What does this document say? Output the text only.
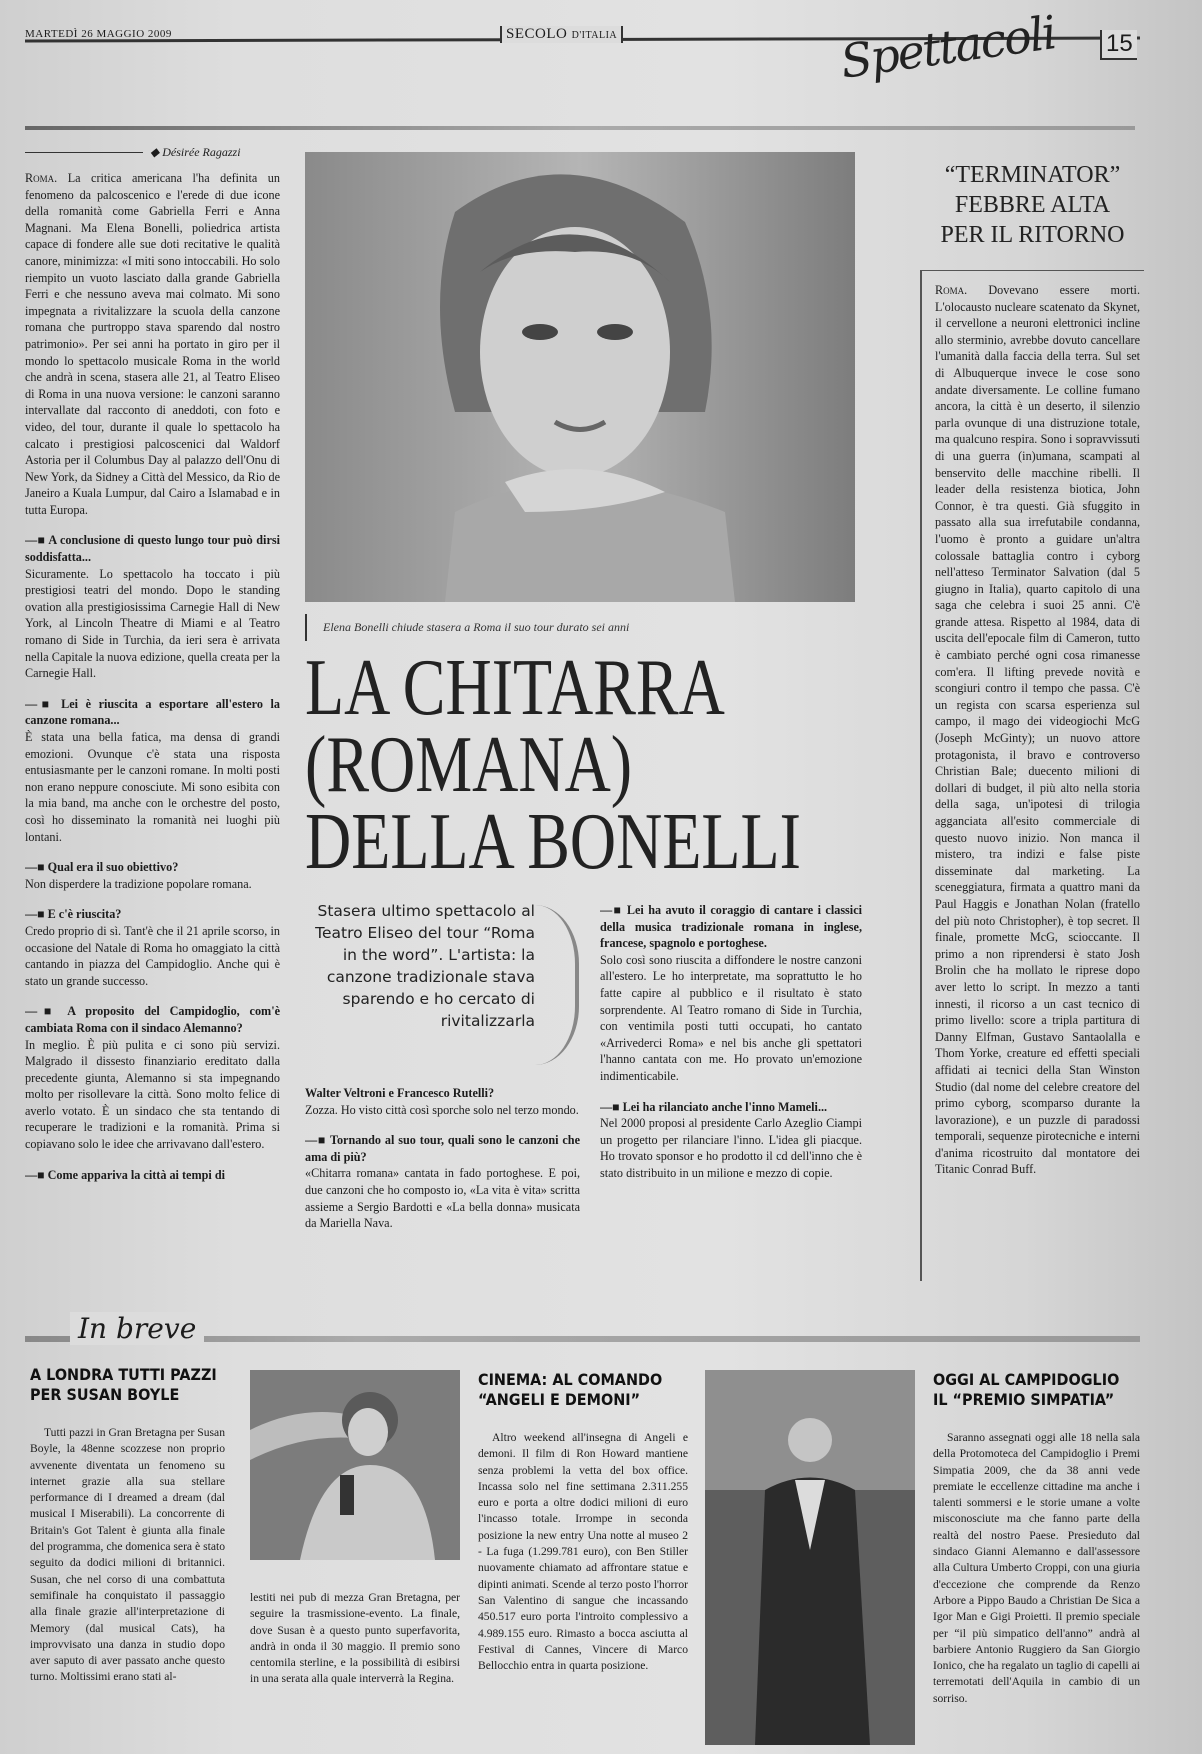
MARTEDÌ 26 MAGGIO 2009	SECOLO D'ITALIA	Spettacoli 15
◆ Désirée Ragazzi

Roma. La critica americana l'ha definita un fenomeno da palcoscenico e l'erede di due icone della romanità come Gabriella Ferri e Anna Magnani. Ma Elena Bonelli, poliedrica artista capace di fondere alle sue doti recitative le qualità canore, minimizza: «I miti sono intoccabili. Ho solo riempito un vuoto lasciato dalla grande Gabriella Ferri e che nessuno aveva mai colmato. Mi sono impegnata a rivitalizzare la scuola della canzone romana che purtroppo stava sparendo dal nostro patrimonio». Per sei anni ha portato in giro per il mondo lo spettacolo musicale Roma in the world che andrà in scena, stasera alle 21, al Teatro Eliseo di Roma in una nuova versione: le canzoni saranno intervallate dal racconto di aneddoti, con foto e video, del tour, durante il quale lo spettacolo ha calcato i prestigiosi palcoscenici dal Waldorf Astoria per il Columbus Day al palazzo dell'Onu di New York, da Sidney a Città del Messico, da Rio de Janeiro a Kuala Lumpur, dal Cairo a Islamabad e in tutta Europa.

—■ A conclusione di questo lungo tour può dirsi soddisfatta...

Sicuramente. Lo spettacolo ha toccato i più prestigiosi teatri del mondo. Dopo le standing ovation alla prestigiosissima Carnegie Hall di New York, al Lincoln Theatre di Miami e al Teatro romano di Side in Turchia, da ieri sera è arrivata nella Capitale la nuova edizione, quella creata per la Carnegie Hall.

—■ Lei è riuscita a esportare all'estero la canzone romana...

È stata una bella fatica, ma densa di grandi emozioni. Ovunque c'è stata una risposta entusiasmante per le canzoni romane. In molti posti non erano neppure conosciute. Mi sono esibita con la mia band, ma anche con le orchestre del posto, così ho disseminato la romanità nei luoghi più lontani.

—■ Qual era il suo obiettivo?

Non disperdere la tradizione popolare romana.

—■ E c'è riuscita?

Credo proprio di sì. Tant'è che il 21 aprile scorso, in occasione del Natale di Roma ho omaggiato la città cantando in piazza del Campidoglio. Anche qui è stato un grande successo.

—■ A proposito del Campidoglio, com'è cambiata Roma con il sindaco Alemanno?

In meglio. È più pulita e ci sono più servizi. Malgrado il dissesto finanziario ereditato dalla precedente giunta, Alemanno si sta impegnando molto per risollevare la città. Sono molto felice di averlo votato. È un sindaco che sta tentando di recuperare le tradizioni e la romanità. Prima si copiavano solo le idee che arrivavano dall'estero.

—■ Come appariva la città ai tempi di

Elena Bonelli chiude stasera a Roma il suo tour durato sei anni
LA CHITARRA
(ROMANA)
DELLA BONELLI
Stasera ultimo spettacolo al Teatro Eliseo del tour “Roma in the word”. L'artista: la canzone tradizionale stava sparendo e ho cercato di rivitalizzarla

Walter Veltroni e Francesco Rutelli?

Zozza. Ho visto città così sporche solo nel terzo mondo.

—■ Tornando al suo tour, quali sono le canzoni che ama di più?

«Chitarra romana» cantata in fado portoghese. E poi, due canzoni che ho composto io, «La vita è vita» scritta assieme a Sergio Bardotti e «La bella donna» musicata da Mariella Nava.

—■ Lei ha avuto il coraggio di cantare i classici della musica tradizionale romana in inglese, francese, spagnolo e portoghese.

Solo così sono riuscita a diffondere le nostre canzoni all'estero. Le ho interpretate, ma soprattutto le ho fatte capire al pubblico e il risultato è stato sorprendente. Al Teatro romano di Side in Turchia, con ventimila posti tutti occupati, ho cantato «Arrivederci Roma» e nel bis anche gli spettatori l'hanno cantata con me. Ho provato un'emozione indimenticabile.

—■ Lei ha rilanciato anche l'inno Mameli...

Nel 2000 proposi al presidente Carlo Azeglio Ciampi un progetto per rilanciare l'inno. L'idea gli piacque. Ho trovato sponsor e ho prodotto il cd dell'inno che è stato distribuito in un milione e mezzo di copie.

“TERMINATOR”
FEBBRE ALTA
PER IL RITORNO

Roma. Dovevano essere morti. L'olocausto nucleare scatenato da Skynet, il cervellone a neuroni elettronici incline allo sterminio, avrebbe dovuto cancellare l'umanità dalla faccia della terra. Sul set di Albuquerque invece le cose sono andate diversamente. Le colline fumano ancora, la città è un deserto, il silenzio parla ovunque di una distruzione totale, ma qualcuno respira. Sono i sopravvissuti di una guerra (in)umana, scampati al benservito delle macchine ribelli. Il leader della resistenza biotica, John Connor, è tra questi. Già sfuggito in passato alla sua irrefutabile condanna, l'uomo è pronto a guidare un'altra colossale battaglia contro i cyborg nell'atteso Terminator Salvation (dal 5 giugno in Italia), quarto capitolo di una saga che celebra i suoi 25 anni. C'è grande attesa. Rispetto al 1984, data di uscita dell'epocale film di Cameron, tutto è cambiato perché ogni cosa rimanesse com'era. Il lifting prevede novità e scongiuri contro il tempo che passa. C'è un regista con scarsa esperienza sul campo, il mago dei videogiochi McG (Joseph McGinty); un nuovo attore protagonista, il bravo e controverso Christian Bale; duecento milioni di dollari di budget, il più alto nella storia della saga, un'ipotesi di trilogia agganciata all'esito commerciale di questo nuovo inizio. Non manca il mistero, tra indizi e false piste disseminate dal marketing. La sceneggiatura, firmata a quattro mani da Paul Haggis e Jonathan Nolan (fratello del più noto Christopher), è top secret. Il finale, promette McG, scioccante. Il primo a non riprendersi è stato Josh Brolin che ha mollato le riprese dopo aver letto lo script. In mezzo a tanti innesti, il ricorso a un cast tecnico di primo livello: score a tripla partitura di Danny Elfman, Gustavo Santaolalla e Thom Yorke, creature ed effetti speciali affidati ai tecnici della Stan Winston Studio (dal nome del celebre creatore del primo cyborg, scomparso durante la lavorazione), e un puzzle di paradossi temporali, sequenze pirotecniche e interni d'anima ricostruito dal montatore dei Titanic Conrad Buff.

In breve
A LONDRA TUTTI PAZZI
PER SUSAN BOYLE

Tutti pazzi in Gran Bretagna per Susan Boyle, la 48enne scozzese non proprio avvenente diventata un fenomeno su internet grazie alla sua stellare performance di I dreamed a dream (dal musical I Miserabili). La concorrente di Britain's Got Talent è giunta alla finale del programma, che domenica sera è stato seguito da dodici milioni di britannici. Susan, che nel corso di una combattuta semifinale ha conquistato il passaggio alla finale grazie all'interpretazione di Memory (dal musical Cats), ha improvvisato una danza in studio dopo aver saputo di aver passato anche questo turno. Moltissimi erano stati al-

lestiti nei pub di mezza Gran Bretagna, per seguire la trasmissione-evento. La finale, dove Susan è a questo punto superfavorita, andrà in onda il 30 maggio. Il premio sono centomila sterline, e la possibilità di esibirsi in una serata alla quale interverrà la Regina.

CINEMA: AL COMANDO
“ANGELI E DEMONI”

Altro weekend all'insegna di Angeli e demoni. Il film di Ron Howard mantiene senza problemi la vetta del box office. Incassa solo nel fine settimana 2.311.255 euro e porta a oltre dodici milioni di euro l'incasso totale. Irrompe in seconda posizione la new entry Una notte al museo 2 - La fuga (1.299.781 euro), con Ben Stiller nuovamente chiamato ad affrontare statue e dipinti animati. Scende al terzo posto l'horror San Valentino di sangue che incassando 450.517 euro porta l'introito complessivo a 4.989.155 euro. Rimasto a bocca asciutta al Festival di Cannes, Vincere di Marco Bellocchio entra in quarta posizione.

OGGI AL CAMPIDOGLIO
IL “PREMIO SIMPATIA”

Saranno assegnati oggi alle 18 nella sala della Protomoteca del Campidoglio i Premi Simpatia 2009, che da 38 anni vede premiate le eccellenze cittadine ma anche i talenti sommersi e le storie umane a volte misconosciute ma che fanno parte della realtà del nostro Paese. Presieduto dal sindaco Gianni Alemanno e dall'assessore alla Cultura Umberto Croppi, con una giuria d'eccezione che comprende da Renzo Arbore a Pippo Baudo a Christian De Sica a Igor Man e Gigi Proietti. Il premio speciale per “il più simpatico dell'anno” andrà al barbiere Antonio Ruggiero da San Giorgio Ionico, che ha regalato un taglio di capelli ai terremotati dell'Aquila in cambio di un sorriso.
